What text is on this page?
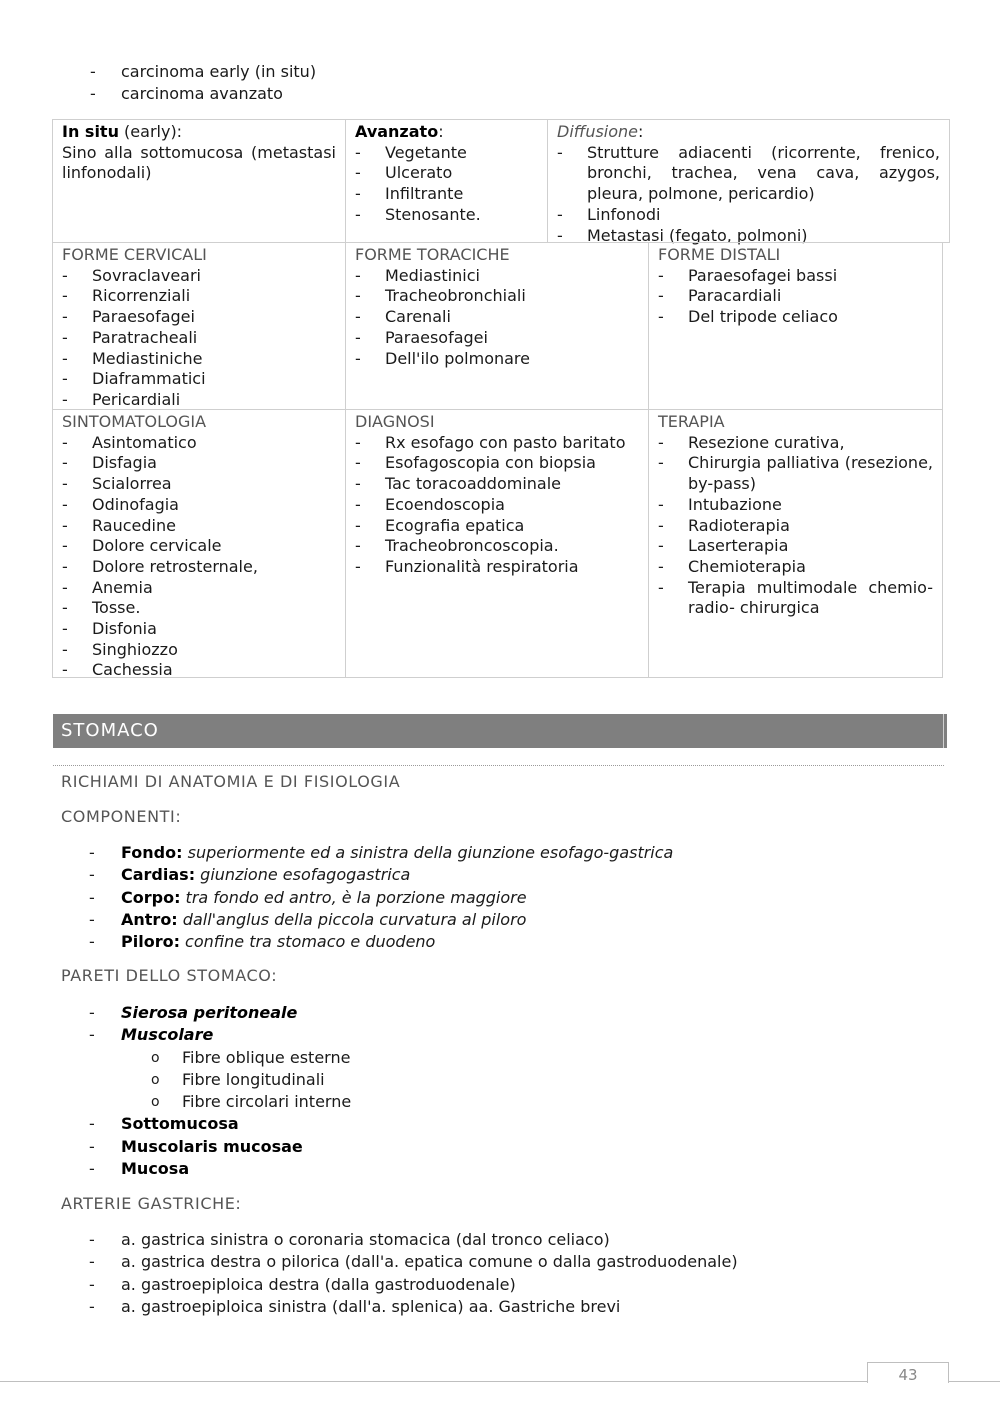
- carcinoma early (in situ)
- carcinoma avanzato
In situ (early):
Sino alla sottomucosa (metastasi linfonodali)
Avanzato:
- Vegetante
- Ulcerato
- Infiltrante
- Stenosante.
Diffusione:
- Strutture adiacenti (ricorrente, frenico, bronchi, trachea, vena cava, azygos, pleura, polmone, pericardio)
- Linfonodi
- Metastasi (fegato, polmoni)
FORME CERVICALI
- Sovraclaveari
- Ricorrenziali
- Paraesofagei
- Paratracheali
- Mediastiniche
- Diaframmatici
- Pericardiali
FORME TORACICHE
- Mediastinici
- Tracheobronchiali
- Carenali
- Paraesofagei
- Dell'ilo polmonare
FORME DISTALI
- Paraesofagei bassi
- Paracardiali
- Del tripode celiaco
SINTOMATOLOGIA
- Asintomatico
- Disfagia
- Scialorrea
- Odinofagia
- Raucedine
- Dolore cervicale
- Dolore retrosternale,
- Anemia
- Tosse.
- Disfonia
- Singhiozzo
- Cachessia
DIAGNOSI
- Rx esofago con pasto baritato
- Esofagoscopia con biopsia
- Tac toracoaddominale
- Ecoendoscopia
- Ecografia epatica
- Tracheobroncoscopia.
- Funzionalità respiratoria
TERAPIA
- Resezione curativa,
- Chirurgia palliativa (resezione, by-pass)
- Intubazione
- Radioterapia
- Laserterapia
- Chemioterapia
- Terapia multimodale chemio-radio- chirurgica
STOMACO
RICHIAMI DI ANATOMIA E DI FISIOLOGIA
COMPONENTI:
- Fondo: superiormente ed a sinistra della giunzione esofago-gastrica
- Cardias: giunzione esofagogastrica
- Corpo: tra fondo ed antro, è la porzione maggiore
- Antro: dall'anglus della piccola curvatura al piloro
- Piloro: confine tra stomaco e duodeno
PARETI DELLO STOMACO:
- Sierosa peritoneale
- Muscolare
o Fibre oblique esterne
o Fibre longitudinali
o Fibre circolari interne
- Sottomucosa
- Muscolaris mucosae
- Mucosa
ARTERIE GASTRICHE:
- a. gastrica sinistra o coronaria stomacica (dal tronco celiaco)
- a. gastrica destra o pilorica (dall'a. epatica comune o dalla gastroduodenale)
- a. gastroepiploica destra (dalla gastroduodenale)
- a. gastroepiploica sinistra (dall'a. splenica) aa. Gastriche brevi
43
